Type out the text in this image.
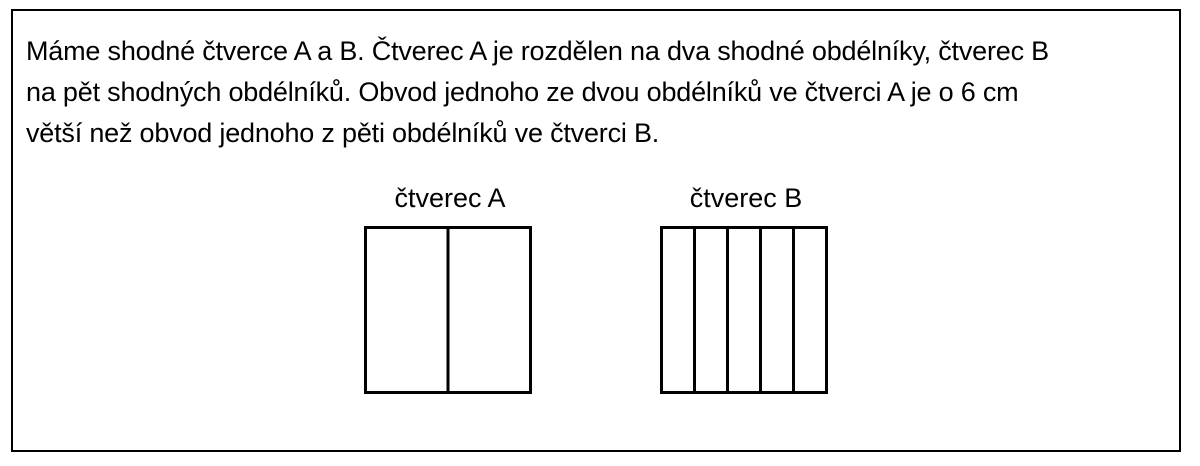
Máme shodné čtverce A a B. Čtverec A je rozdělen na dva shodné obdélníky, čtverec B
na pět shodných obdélníků. Obvod jednoho ze dvou obdélníků ve čtverci A je o 6 cm
větší než obvod jednoho z pěti obdélníků ve čtverci B.

čtverec A	čtverec B
